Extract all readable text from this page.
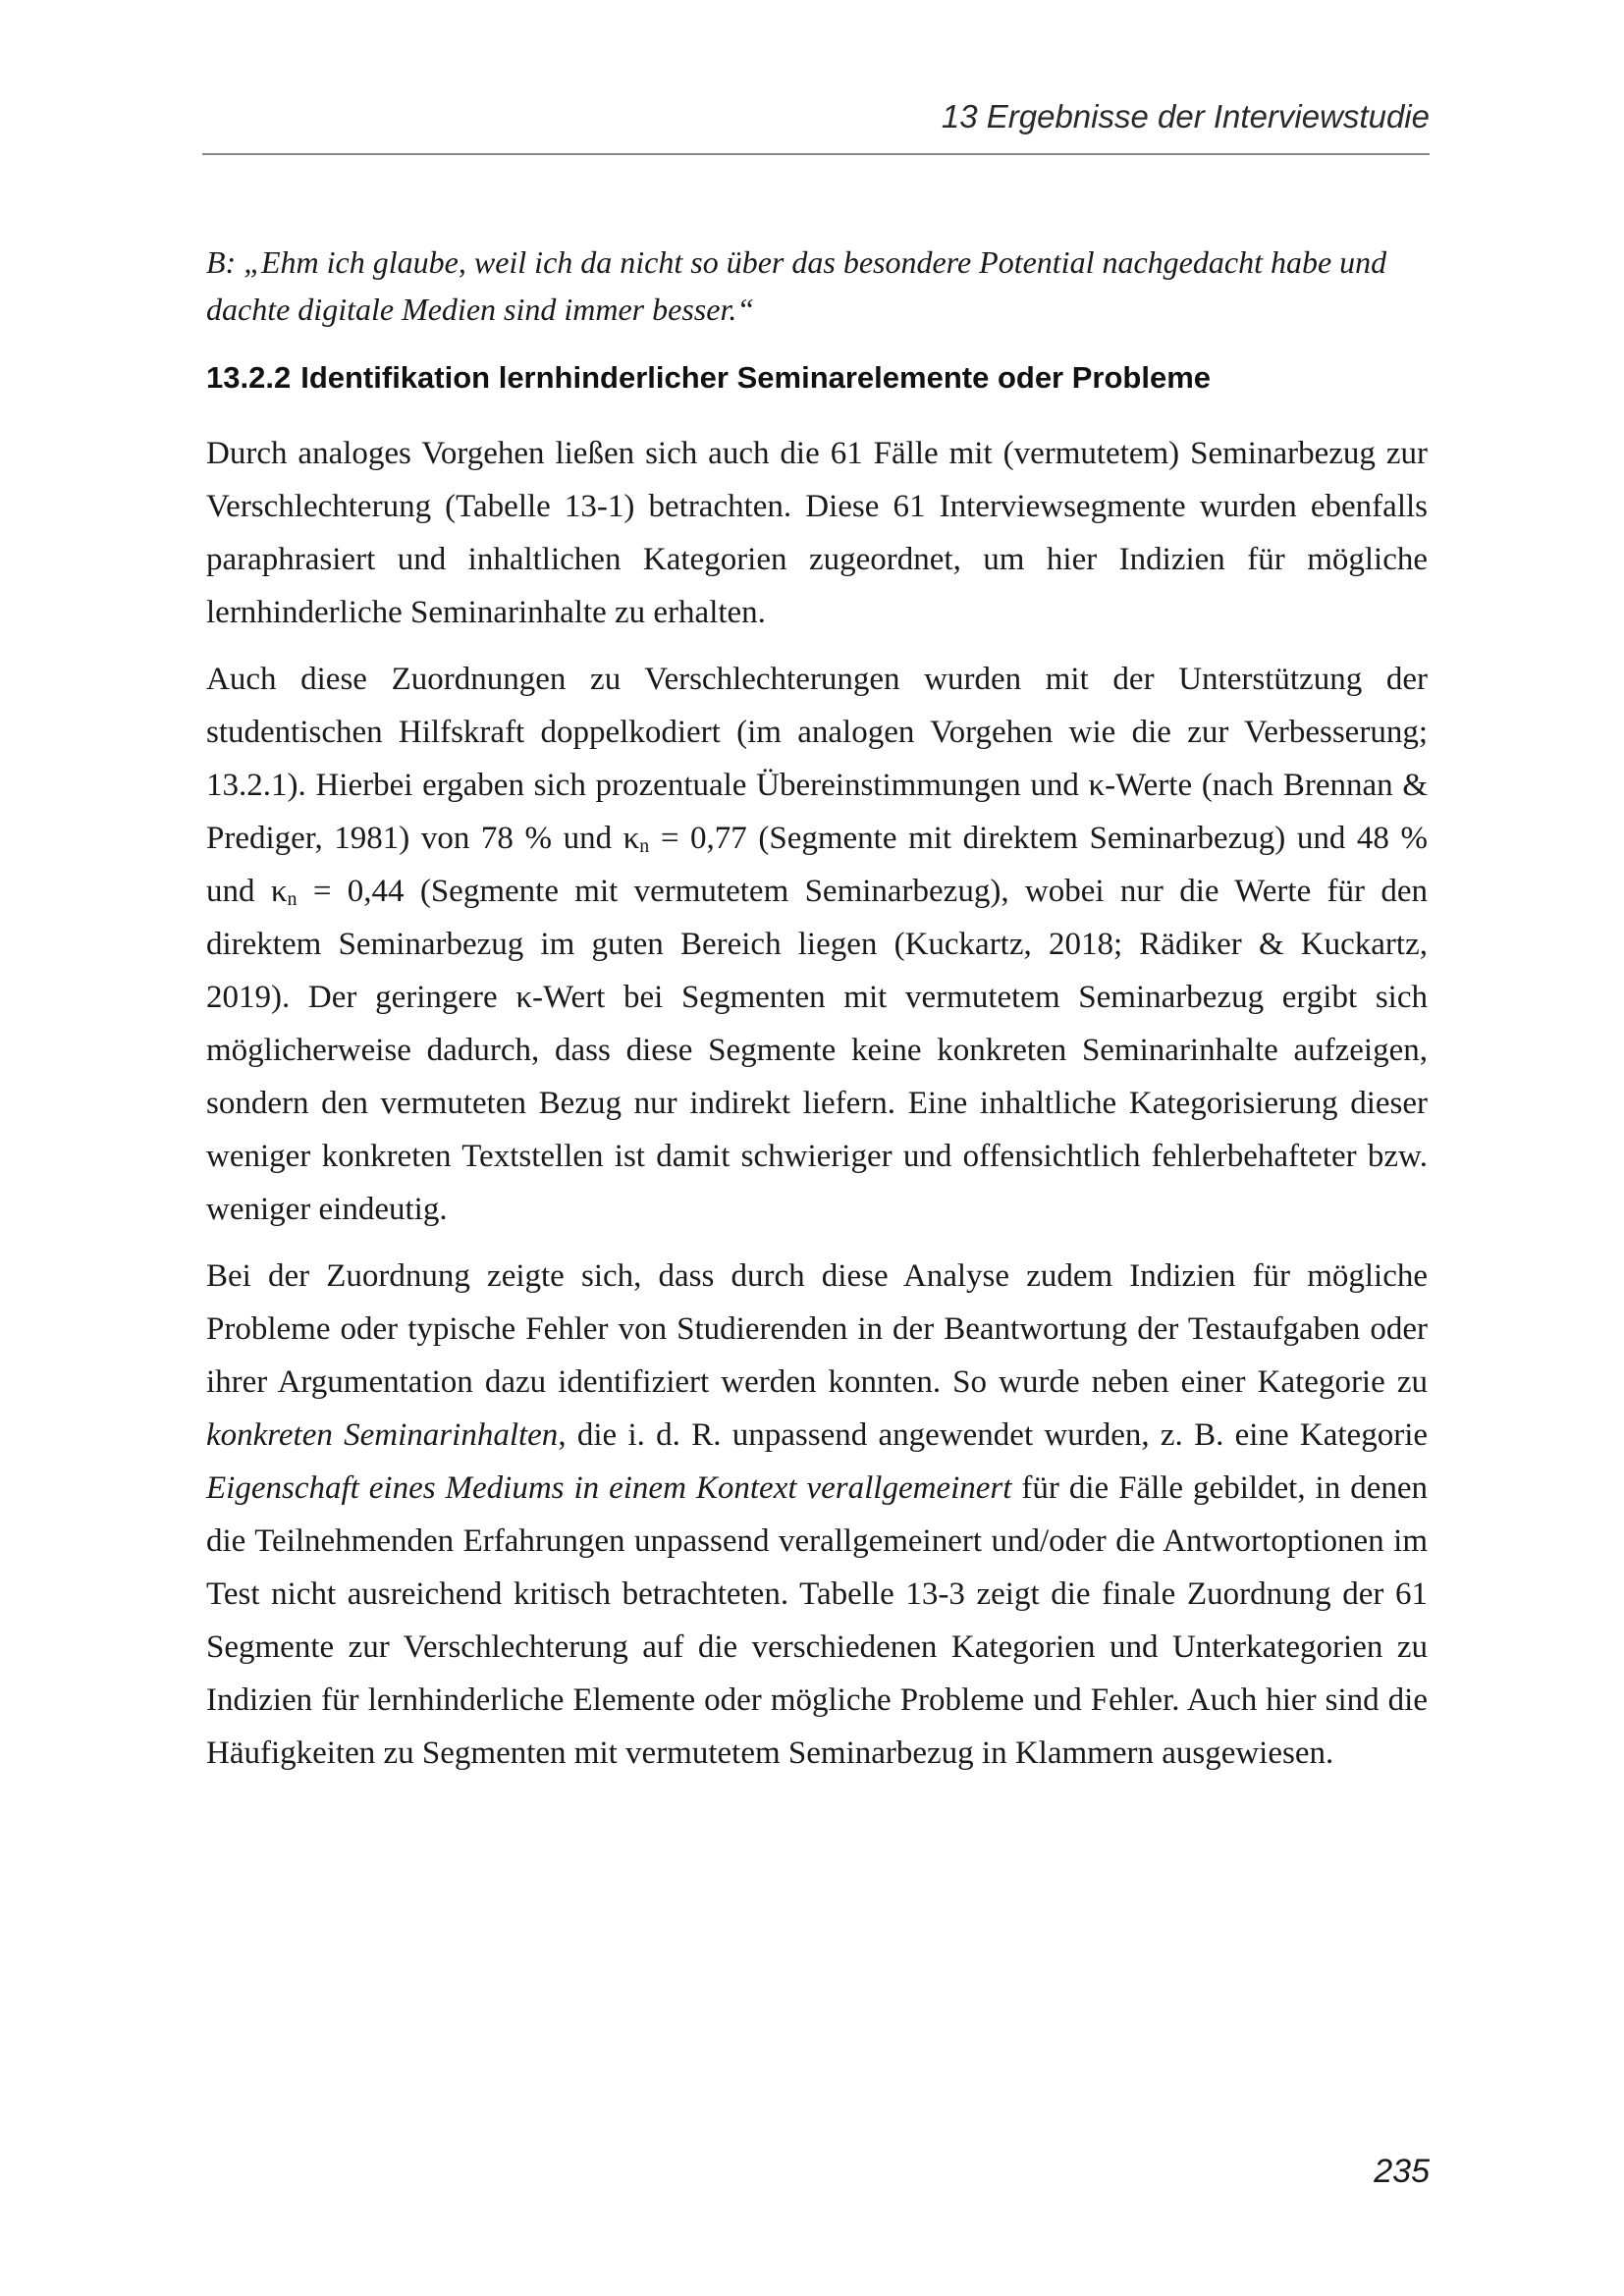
13 Ergebnisse der Interviewstudie

B: „Ehm ich glaube, weil ich da nicht so über das besondere Potential nachgedacht habe und dachte digitale Medien sind immer besser.“

13.2.2 Identifikation lernhinderlicher Seminarelemente oder Probleme

Durch analoges Vorgehen ließen sich auch die 61 Fälle mit (vermutetem) Seminarbezug zur Verschlechterung (Tabelle 13-1) betrachten. Diese 61 Interviewsegmente wurden ebenfalls paraphrasiert und inhaltlichen Kategorien zugeordnet, um hier Indizien für mögliche lernhinderliche Seminarinhalte zu erhalten.

Auch diese Zuordnungen zu Verschlechterungen wurden mit der Unterstützung der studentischen Hilfskraft doppelkodiert (im analogen Vorgehen wie die zur Verbesserung; 13.2.1). Hierbei ergaben sich prozentuale Übereinstimmungen und κ-Werte (nach Brennan & Prediger, 1981) von 78 % und κn = 0,77 (Segmente mit direktem Seminarbezug) und 48 % und κn = 0,44 (Segmente mit vermutetem Seminarbezug), wobei nur die Werte für den direktem Seminarbezug im guten Bereich liegen (Kuckartz, 2018; Rädiker & Kuckartz, 2019). Der geringere κ-Wert bei Segmenten mit vermutetem Seminarbezug ergibt sich möglicherweise dadurch, dass diese Segmente keine konkreten Seminarinhalte aufzeigen, sondern den vermuteten Bezug nur indirekt liefern. Eine inhaltliche Kategorisierung dieser weniger konkreten Textstellen ist damit schwieriger und offensichtlich fehlerbehafteter bzw. weniger eindeutig.

Bei der Zuordnung zeigte sich, dass durch diese Analyse zudem Indizien für mögliche Probleme oder typische Fehler von Studierenden in der Beantwortung der Testaufgaben oder ihrer Argumentation dazu identifiziert werden konnten. So wurde neben einer Kategorie zu konkreten Seminarinhalten, die i. d. R. unpassend angewendet wurden, z. B. eine Kategorie Eigenschaft eines Mediums in einem Kontext verallgemeinert für die Fälle gebildet, in denen die Teilnehmenden Erfahrungen unpassend verallgemeinert und/oder die Antwortoptionen im Test nicht ausreichend kritisch betrachteten. Tabelle 13-3 zeigt die finale Zuordnung der 61 Segmente zur Verschlechterung auf die verschiedenen Kategorien und Unterkategorien zu Indizien für lernhinderliche Elemente oder mögliche Probleme und Fehler. Auch hier sind die Häufigkeiten zu Segmenten mit vermutetem Seminarbezug in Klammern ausgewiesen.

235
